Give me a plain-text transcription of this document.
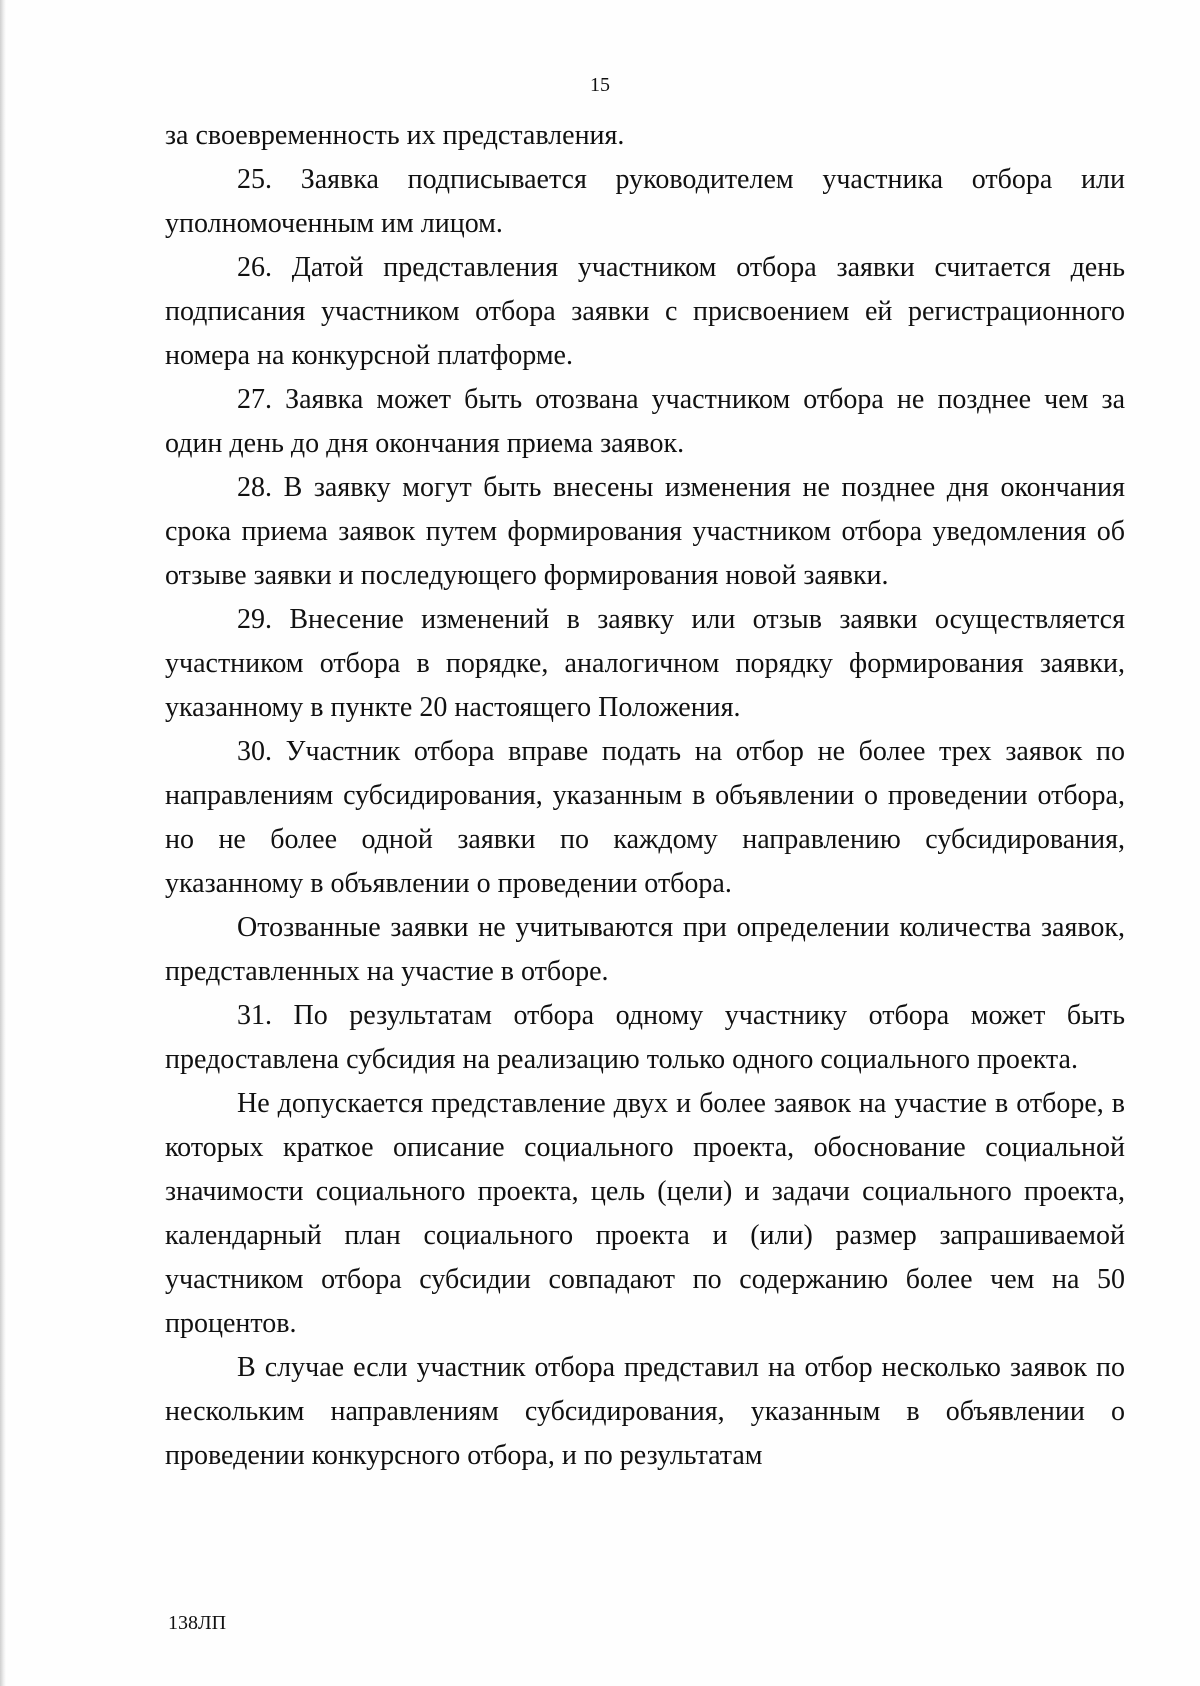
15

за своевременность их представления.

25. Заявка подписывается руководителем участника отбора или уполномоченным им лицом.

26. Датой представления участником отбора заявки считается день подписания участником отбора заявки с присвоением ей регистрационного номера на конкурсной платформе.

27. Заявка может быть отозвана участником отбора не позднее чем за один день до дня окончания приема заявок.

28. В заявку могут быть внесены изменения не позднее дня окончания срока приема заявок путем формирования участником отбора уведомления об отзыве заявки и последующего формирования новой заявки.

29. Внесение изменений в заявку или отзыв заявки осуществляется участником отбора в порядке, аналогичном порядку формирования заявки, указанному в пункте 20 настоящего Положения.

30. Участник отбора вправе подать на отбор не более трех заявок по направлениям субсидирования, указанным в объявлении о проведении отбора, но не более одной заявки по каждому направлению субсидирования, указанному в объявлении о проведении отбора.

Отозванные заявки не учитываются при определении количества заявок, представленных на участие в отборе.

31. По результатам отбора одному участнику отбора может быть предоставлена субсидия на реализацию только одного социального проекта.

Не допускается представление двух и более заявок на участие в отборе, в которых краткое описание социального проекта, обоснование социальной значимости социального проекта, цель (цели) и задачи социального проекта, календарный план социального проекта и (или) размер запрашиваемой участником отбора субсидии совпадают по содержанию более чем на 50 процентов.

В случае если участник отбора представил на отбор несколько заявок по нескольким направлениям субсидирования, указанным в объявлении о проведении конкурсного отбора, и по результатам

138ЛП
